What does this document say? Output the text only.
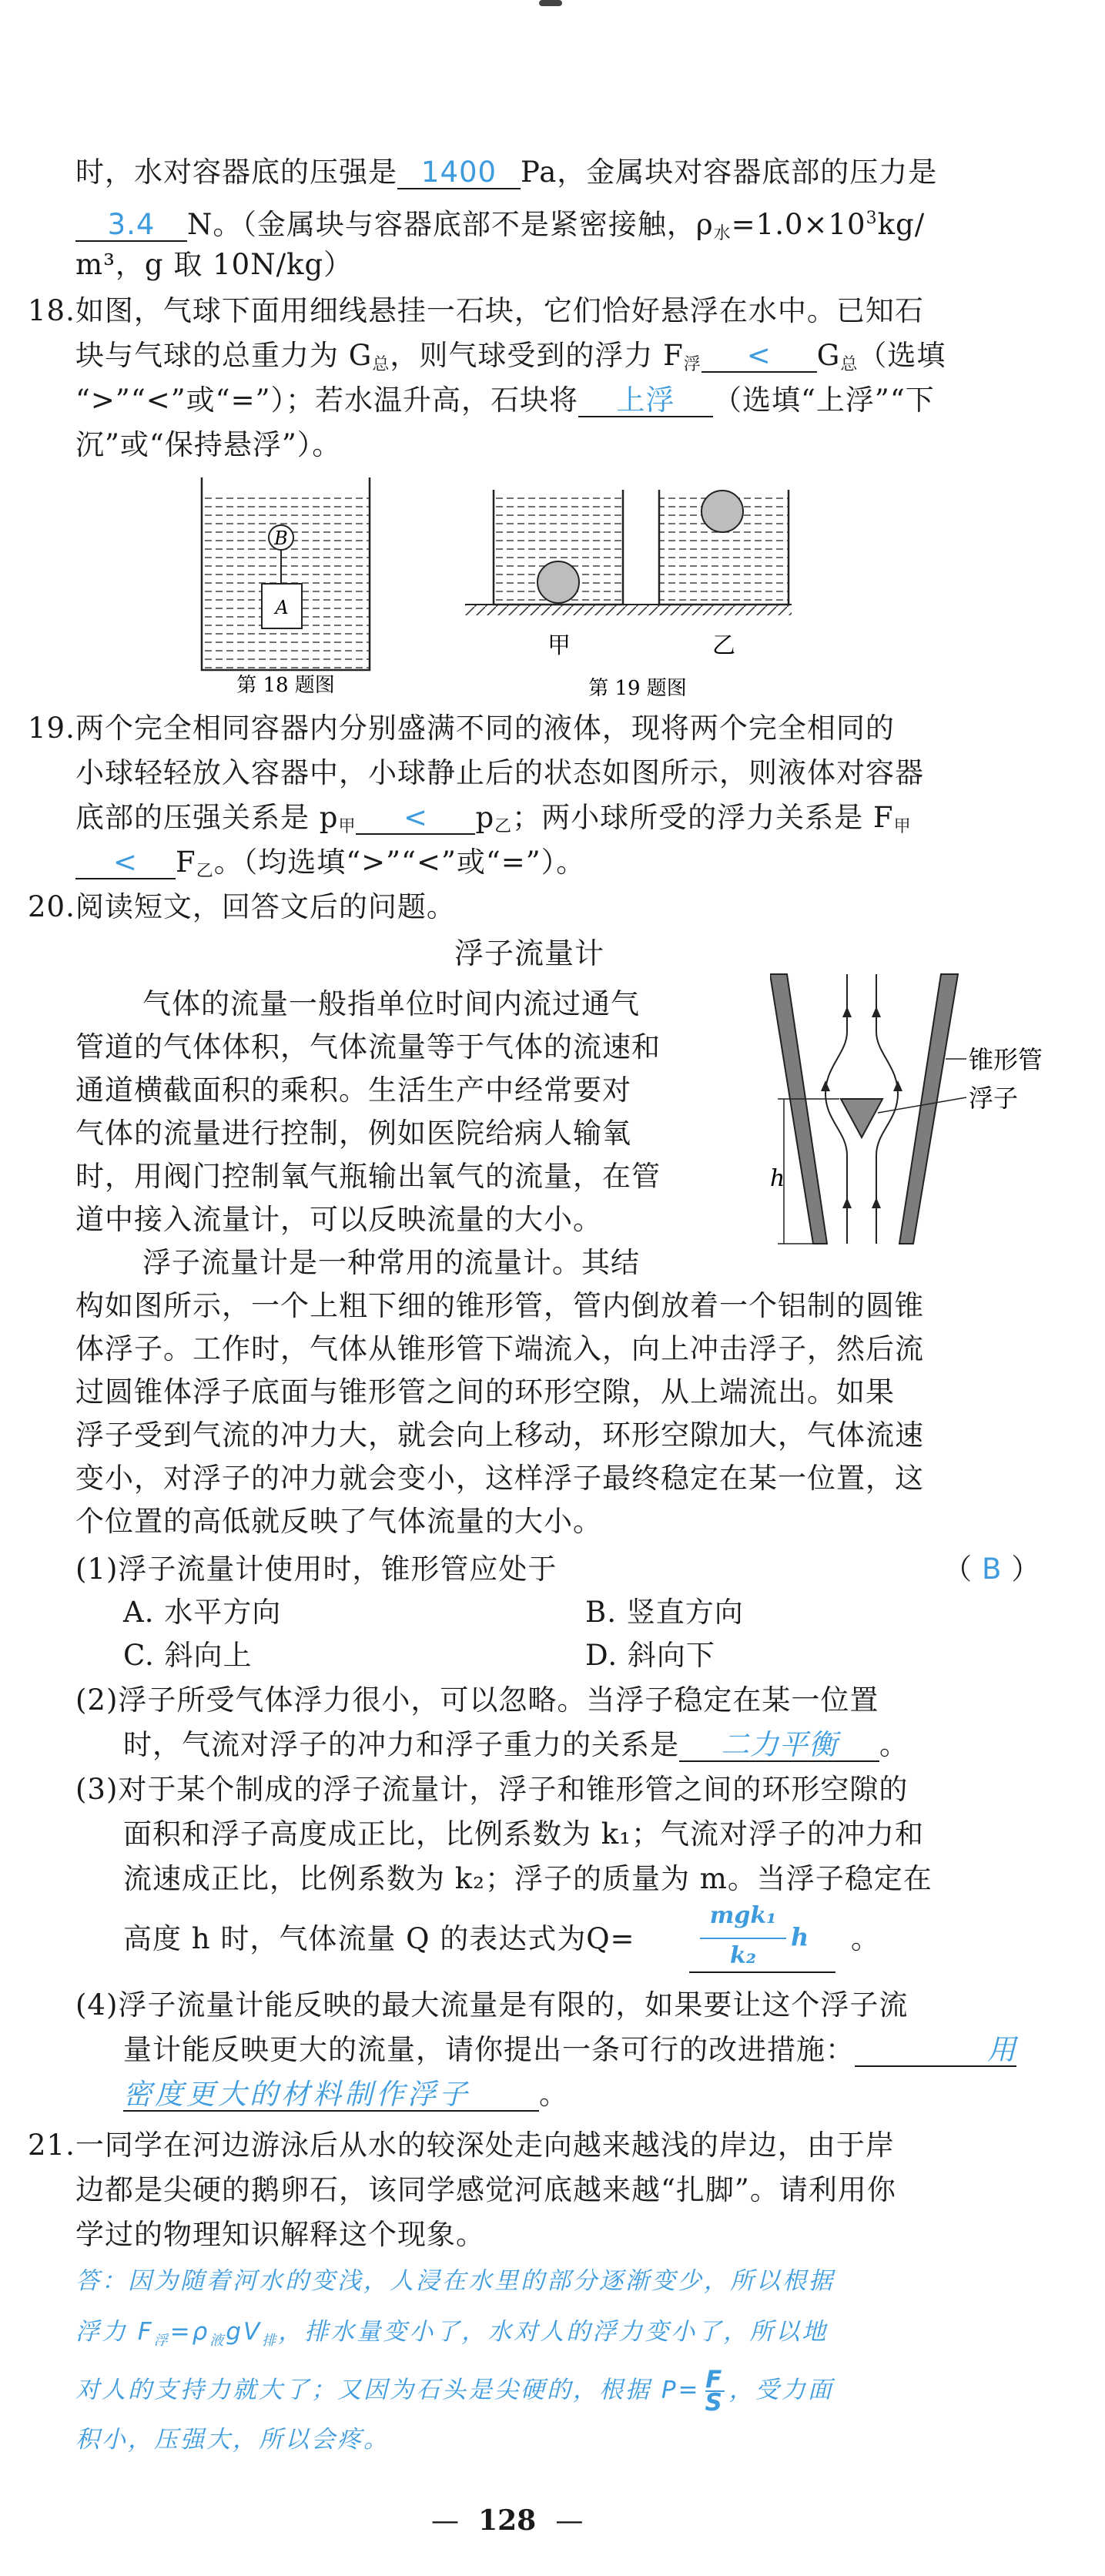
时，水对容器底的压强是 1400 Pa，金属块对容器底部的压力是
3.4 N。（金属块与容器底部不是紧密接触，$\rho_水=1.0\times 10^3kg/$
m³，g 取 10N/kg）
18.如图，气球下面用细线悬挂一石块，它们恰好悬浮在水中。已知石
块与气球的总重力为 $G_总$，则气球受到的浮力 $F_浮 < G_总$（选填
“>”“<”或“=”）；若水温升高，石块将 上浮 （选填“上浮”“下
沉”或“保持悬浮”）。
B
A
甲	乙
第 18 题图	第 19 题图
19.两个完全相同容器内分别盛满不同的液体，现将两个完全相同的
小球轻轻放入容器中，小球静止后的状态如图所示，则液体对容器
底部的压强关系是 $p_甲 < p_乙$；两小球所受的浮力关系是 $F_甲$
< $F_乙$。（均选填“>”“<”或“=”）。
20.阅读短文，回答文后的问题。
浮子流量计
气体的流量一般指单位时间内流过通气
管道的气体体积，气体流量等于气体的流速和
通道横截面积的乘积。生活生产中经常要对
气体的流量进行控制，例如医院给病人输氧
时，用阀门控制氧气瓶输出氧气的流量，在管
道中接入流量计，可以反映流量的大小。
浮子流量计是一种常用的流量计。其结
构如图所示，一个上粗下细的锥形管，管内倒放着一个铝制的圆锥
体浮子。工作时，气体从锥形管下端流入，向上冲击浮子，然后流
过圆锥体浮子底面与锥形管之间的环形空隙，从上端流出。如果
浮子受到气流的冲力大，就会向上移动，环形空隙加大，气体流速
变小，对浮子的冲力就会变小，这样浮子最终稳定在某一位置，这
个位置的高低就反映了气体流量的大小。
h
锥形管
浮子
(1)浮子流量计使用时，锥形管应处于	（ B ）
A. 水平方向	B. 竖直方向
C. 斜向上	D. 斜向下
(2)浮子所受气体浮力很小，可以忽略。当浮子稳定在某一位置
时，气流对浮子的冲力和浮子重力的关系是 二力平衡 。
(3)对于某个制成的浮子流量计，浮子和锥形管之间的环形空隙的
面积和浮子高度成正比，比例系数为 k₁；气流对浮子的冲力和
流速成正比，比例系数为 k₂；浮子的质量为 m。当浮子稳定在
高度 h 时，气体流量 Q 的表达式为Q=
mgk₁
k₂
h 。
(4)浮子流量计能反映的最大流量是有限的，如果要让这个浮子流
量计能反映更大的流量，请你提出一条可行的改进措施：	用
密度更大的材料制作浮子 。
21.一同学在河边游泳后从水的较深处走向越来越浅的岸边，由于岸
边都是尖硬的鹅卵石，该同学感觉河底越来越“扎脚”。请利用你
学过的物理知识解释这个现象。
答：因为随着河水的变浅，人浸在水里的部分逐渐变少，所以根据
浮力 $F_浮=\rho_液gV_排$，排水量变小了，水对人的浮力变小了，所以地
对人的支持力就大了；又因为石头是尖硬的，根据 $P= \frac{F}{S}$ ，受力面
积小，压强大，所以会疼。
— 128 —
